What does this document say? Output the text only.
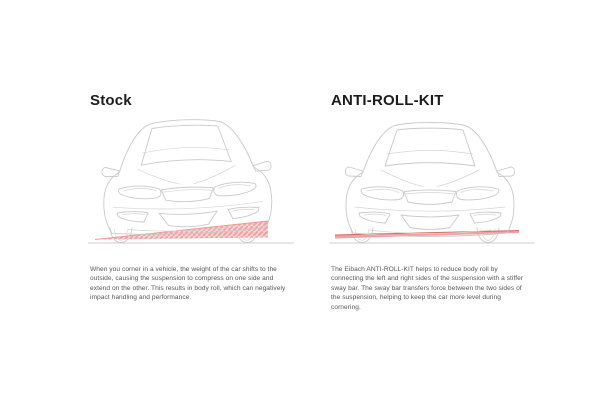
Stock

When you corner in a vehicle, the weight of the car shifts to the outside, causing the suspension to compress on one side and extend on the other. This results in body roll, which can negatively impact handling and performance.

ANTI-ROLL-KIT

The Eibach ANTI-ROLL-KIT helps to reduce body roll by connecting the left and right sides of the suspension with a stiffer sway bar. The sway bar transfers force between the two sides of the suspension, helping to keep the car more level during cornering.
